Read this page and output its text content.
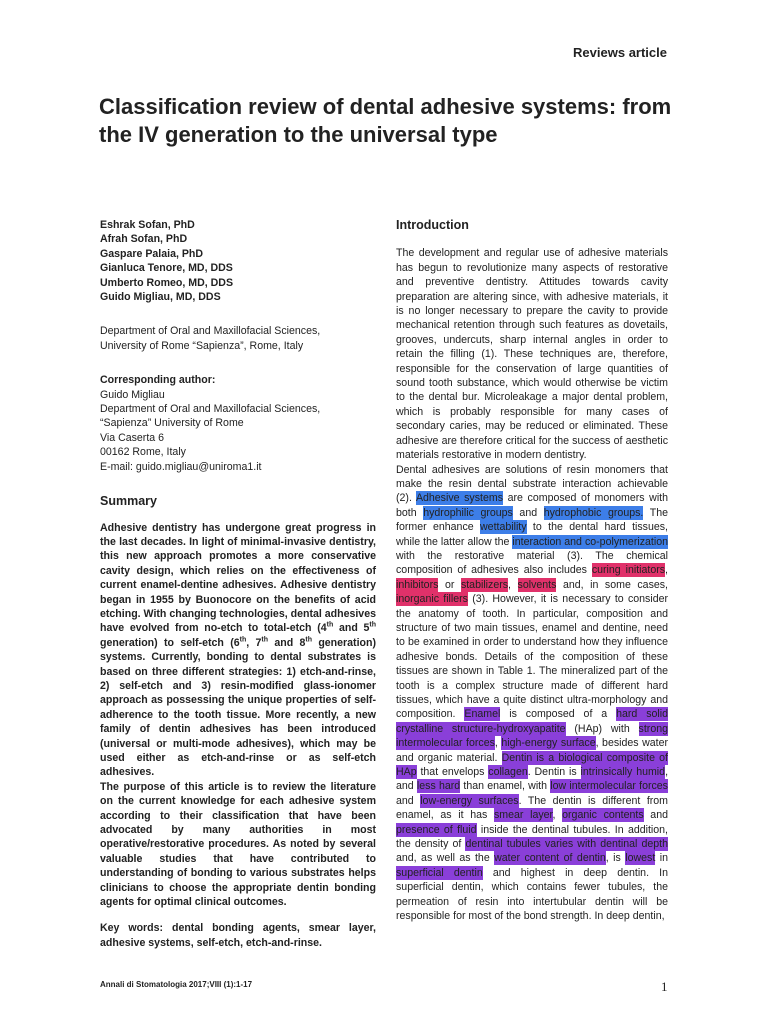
Reviews article
Classification review of dental adhesive systems: from the IV generation to the universal type
Eshrak Sofan, PhD
Afrah Sofan, PhD
Gaspare Palaia, PhD
Gianluca Tenore, MD, DDS
Umberto Romeo, MD, DDS
Guido Migliau, MD, DDS
Department of Oral and Maxillofacial Sciences,
University of Rome “Sapienza”, Rome, Italy
Corresponding author:
Guido Migliau
Department of Oral and Maxillofacial Sciences,
“Sapienza” University of Rome
Via Caserta 6
00162 Rome, Italy
E-mail: guido.migliau@uniroma1.it
Summary
Adhesive dentistry has undergone great progress in the last decades. In light of minimal-invasive dentistry, this new approach promotes a more conservative cavity design, which relies on the effectiveness of current enamel-dentine adhesives. Adhesive dentistry began in 1955 by Buonocore on the benefits of acid etching. With changing technologies, dental adhesives have evolved from no-etch to total-etch (4th and 5th generation) to self-etch (6th, 7th and 8th generation) systems. Currently, bonding to dental substrates is based on three different strategies: 1) etch-and-rinse, 2) self-etch and 3) resin-modified glass-ionomer approach as possessing the unique properties of self-adherence to the tooth tissue. More recently, a new family of dentin adhesives has been introduced (universal or multi-mode adhesives), which may be used either as etch-and-rinse or as self-etch adhesives.
The purpose of this article is to review the literature on the current knowledge for each adhesive system according to their classification that have been advocated by many authorities in most operative/restorative procedures. As noted by several valuable studies that have contributed to understanding of bonding to various substrates helps clinicians to choose the appropriate dentin bonding agents for optimal clinical outcomes.
Key words: dental bonding agents, smear layer, adhesive systems, self-etch, etch-and-rinse.
Introduction
The development and regular use of adhesive materials has begun to revolutionize many aspects of restorative and preventive dentistry. Attitudes towards cavity preparation are altering since, with adhesive materials, it is no longer necessary to prepare the cavity to provide mechanical retention through such features as dovetails, grooves, undercuts, sharp internal angles in order to retain the filling (1). These techniques are, therefore, responsible for the conservation of large quantities of sound tooth substance, which would otherwise be victim to the dental bur. Microleakage a major dental problem, which is probably responsible for many cases of secondary caries, may be reduced or eliminated. These adhesive are therefore critical for the success of aesthetic materials restorative in modern dentistry.
Dental adhesives are solutions of resin monomers that make the resin dental substrate interaction achievable (2). Adhesive systems are composed of monomers with both hydrophilic groups and hydrophobic groups. The former enhance wettability to the dental hard tissues, while the latter allow the interaction and co-polymerization with the restorative material (3). The chemical composition of adhesives also includes curing initiators, inhibitors or stabilizers, solvents and, in some cases, inorganic fillers (3). However, it is necessary to consider the anatomy of tooth. In particular, composition and structure of two main tissues, enamel and dentine, need to be examined in order to understand how they influence adhesive bonds. Details of the composition of these tissues are shown in Table 1. The mineralized part of the tooth is a complex structure made of different hard tissues, which have a quite distinct ultra-morphology and composition. Enamel is composed of a hard solid crystalline structure-hydroxyapatite (HAp) with strong intermolecular forces, high-energy surface, besides water and organic material. Dentin is a biological composite of HAp that envelops collagen. Dentin is intrinsically humid, and less hard than enamel, with low intermolecular forces and low-energy surfaces. The dentin is different from enamel, as it has smear layer, organic contents and presence of fluid inside the dentinal tubules. In addition, the density of dentinal tubules varies with dentinal depth and, as well as the water content of dentin, is lowest in superficial dentin and highest in deep dentin. In superficial dentin, which contains fewer tubules, the permeation of resin into intertubular dentin will be responsible for most of the bond strength. In deep dentin,
Annali di Stomatologia 2017;VIII (1):1-17	1
